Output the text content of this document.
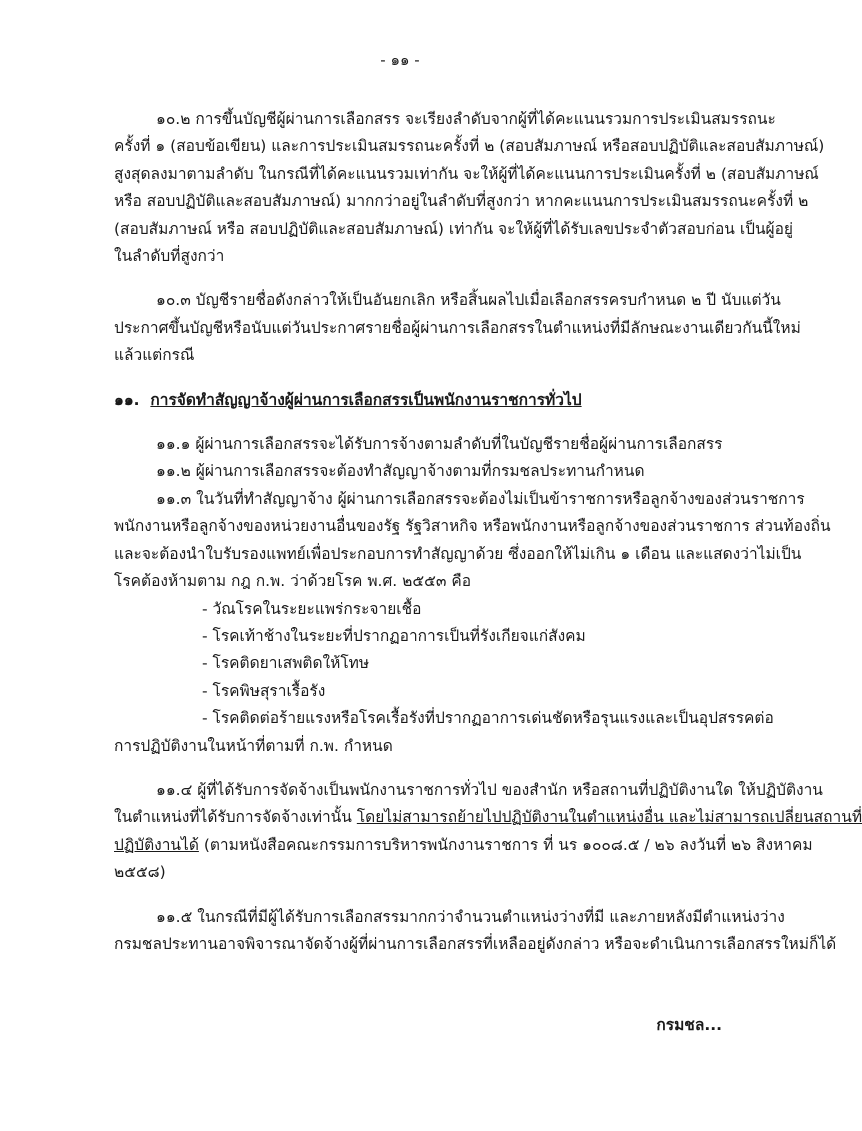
- ๑๑ -

๑๐.๒ การขึ้นบัญชีผู้ผ่านการเลือกสรร จะเรียงลำดับจากผู้ที่ได้คะแนนรวมการประเมินสมรรถนะ

ครั้งที่ ๑ (สอบข้อเขียน) และการประเมินสมรรถนะครั้งที่ ๒ (สอบสัมภาษณ์ หรือสอบปฏิบัติและสอบสัมภาษณ์)

สูงสุดลงมาตามลำดับ ในกรณีที่ได้คะแนนรวมเท่ากัน จะให้ผู้ที่ได้คะแนนการประเมินครั้งที่ ๒ (สอบสัมภาษณ์

หรือ สอบปฏิบัติและสอบสัมภาษณ์) มากกว่าอยู่ในลำดับที่สูงกว่า หากคะแนนการประเมินสมรรถนะครั้งที่ ๒

(สอบสัมภาษณ์ หรือ สอบปฏิบัติและสอบสัมภาษณ์) เท่ากัน จะให้ผู้ที่ได้รับเลขประจำตัวสอบก่อน เป็นผู้อยู่

ในลำดับที่สูงกว่า

๑๐.๓ บัญชีรายชื่อดังกล่าวให้เป็นอันยกเลิก หรือสิ้นผลไปเมื่อเลือกสรรครบกำหนด ๒ ปี นับแต่วัน

ประกาศขึ้นบัญชีหรือนับแต่วันประกาศรายชื่อผู้ผ่านการเลือกสรรในตำแหน่งที่มีลักษณะงานเดียวกันนี้ใหม่

แล้วแต่กรณี

๑๑. การจัดทำสัญญาจ้างผู้ผ่านการเลือกสรรเป็นพนักงานราชการทั่วไป

๑๑.๑ ผู้ผ่านการเลือกสรรจะได้รับการจ้างตามลำดับที่ในบัญชีรายชื่อผู้ผ่านการเลือกสรร

๑๑.๒ ผู้ผ่านการเลือกสรรจะต้องทำสัญญาจ้างตามที่กรมชลประทานกำหนด

๑๑.๓ ในวันที่ทำสัญญาจ้าง ผู้ผ่านการเลือกสรรจะต้องไม่เป็นข้าราชการหรือลูกจ้างของส่วนราชการ

พนักงานหรือลูกจ้างของหน่วยงานอื่นของรัฐ รัฐวิสาหกิจ หรือพนักงานหรือลูกจ้างของส่วนราชการ ส่วนท้องถิ่น

และจะต้องนำใบรับรองแพทย์เพื่อประกอบการทำสัญญาด้วย ซึ่งออกให้ไม่เกิน ๑ เดือน และแสดงว่าไม่เป็น

โรคต้องห้ามตาม กฎ ก.พ. ว่าด้วยโรค พ.ศ. ๒๕๕๓ คือ

- วัณโรคในระยะแพร่กระจายเชื้อ

- โรคเท้าช้างในระยะที่ปรากฏอาการเป็นที่รังเกียจแก่สังคม

- โรคติดยาเสพติดให้โทษ

- โรคพิษสุราเรื้อรัง

- โรคติดต่อร้ายแรงหรือโรคเรื้อรังที่ปรากฏอาการเด่นชัดหรือรุนแรงและเป็นอุปสรรคต่อ

การปฏิบัติงานในหน้าที่ตามที่ ก.พ. กำหนด

๑๑.๔ ผู้ที่ได้รับการจัดจ้างเป็นพนักงานราชการทั่วไป ของสำนัก หรือสถานที่ปฏิบัติงานใด ให้ปฏิบัติงาน

ในตำแหน่งที่ได้รับการจัดจ้างเท่านั้น โดยไม่สามารถย้ายไปปฏิบัติงานในตำแหน่งอื่น และไม่สามารถเปลี่ยนสถานที่

ปฏิบัติงานได้ (ตามหนังสือคณะกรรมการบริหารพนักงานราชการ ที่ นร ๑๐๐๘.๕ / ๒๖ ลงวันที่ ๒๖ สิงหาคม

๒๕๕๘)

๑๑.๕ ในกรณีที่มีผู้ได้รับการเลือกสรรมากกว่าจำนวนตำแหน่งว่างที่มี และภายหลังมีตำแหน่งว่าง

กรมชลประทานอาจพิจารณาจัดจ้างผู้ที่ผ่านการเลือกสรรที่เหลืออยู่ดังกล่าว หรือจะดำเนินการเลือกสรรใหม่ก็ได้

กรมชล...
